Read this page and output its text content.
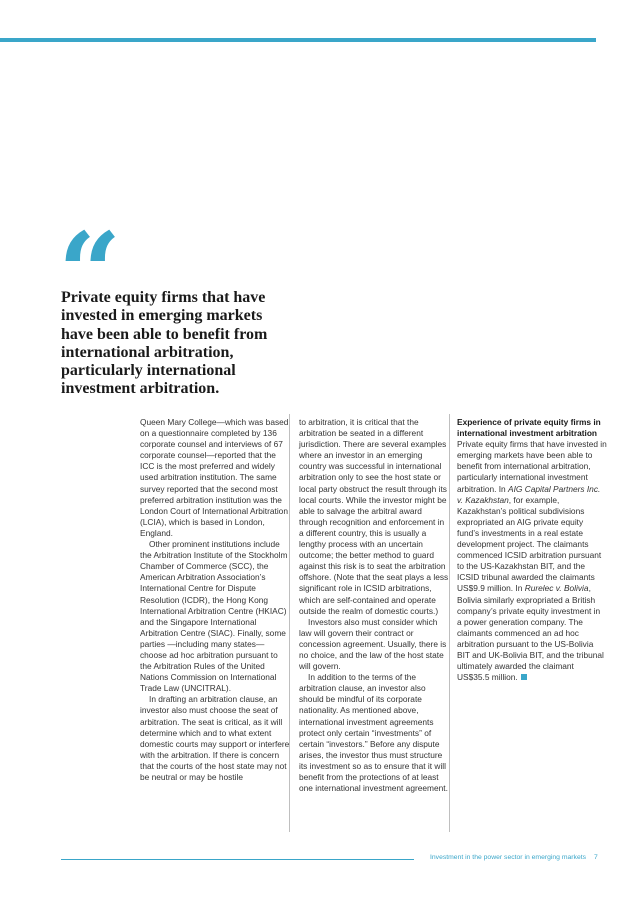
“
Private equity firms that have invested in emerging markets have been able to benefit from international arbitration, particularly international investment arbitration.

Queen Mary College—which was based on a questionnaire completed by 136 corporate counsel and interviews of 67 corporate counsel—reported that the ICC is the most preferred and widely used arbitration institution. The same survey reported that the second most preferred arbitration institution was the London Court of International Arbitration (LCIA), which is based in London, England.

Other prominent institutions include the Arbitration Institute of the Stockholm Chamber of Commerce (SCC), the American Arbitration Association’s International Centre for Dispute Resolution (ICDR), the Hong Kong International Arbitration Centre (HKIAC) and the Singapore International Arbitration Centre (SIAC). Finally, some parties —including many states—choose ad hoc arbitration pursuant to the Arbitration Rules of the United Nations Commission on International Trade Law (UNCITRAL).

In drafting an arbitration clause, an investor also must choose the seat of arbitration. The seat is critical, as it will determine which and to what extent domestic courts may support or interfere with the arbitration. If there is concern that the courts of the host state may not be neutral or may be hostile

to arbitration, it is critical that the arbitration be seated in a different jurisdiction. There are several examples where an investor in an emerging country was successful in international arbitration only to see the host state or local party obstruct the result through its local courts. While the investor might be able to salvage the arbitral award through recognition and enforcement in a different country, this is usually a lengthy process with an uncertain outcome; the better method to guard against this risk is to seat the arbitration offshore. (Note that the seat plays a less significant role in ICSID arbitrations, which are self-contained and operate outside the realm of domestic courts.)

Investors also must consider which law will govern their contract or concession agreement. Usually, there is no choice, and the law of the host state will govern.

In addition to the terms of the arbitration clause, an investor also should be mindful of its corporate nationality. As mentioned above, international investment agreements protect only certain “investments” of certain “investors.” Before any dispute arises, the investor thus must structure its investment so as to ensure that it will benefit from the protections of at least one international investment agreement.

Experience of private equity firms in international investment arbitration

Private equity firms that have invested in emerging markets have been able to benefit from international arbitration, particularly international investment arbitration. In AIG Capital Partners Inc. v. Kazakhstan, for example, Kazakhstan’s political subdivisions expropriated an AIG private equity fund’s investments in a real estate development project. The claimants commenced ICSID arbitration pursuant to the US-Kazakhstan BIT, and the ICSID tribunal awarded the claimants US$9.9 million. In Rurelec v. Bolivia, Bolivia similarly expropriated a British company’s private equity investment in a power generation company. The claimants commenced an ad hoc arbitration pursuant to the US-Bolivia BIT and UK-Bolivia BIT, and the tribunal ultimately awarded the claimant US$35.5 million.

Investment in the power sector in emerging markets 7
